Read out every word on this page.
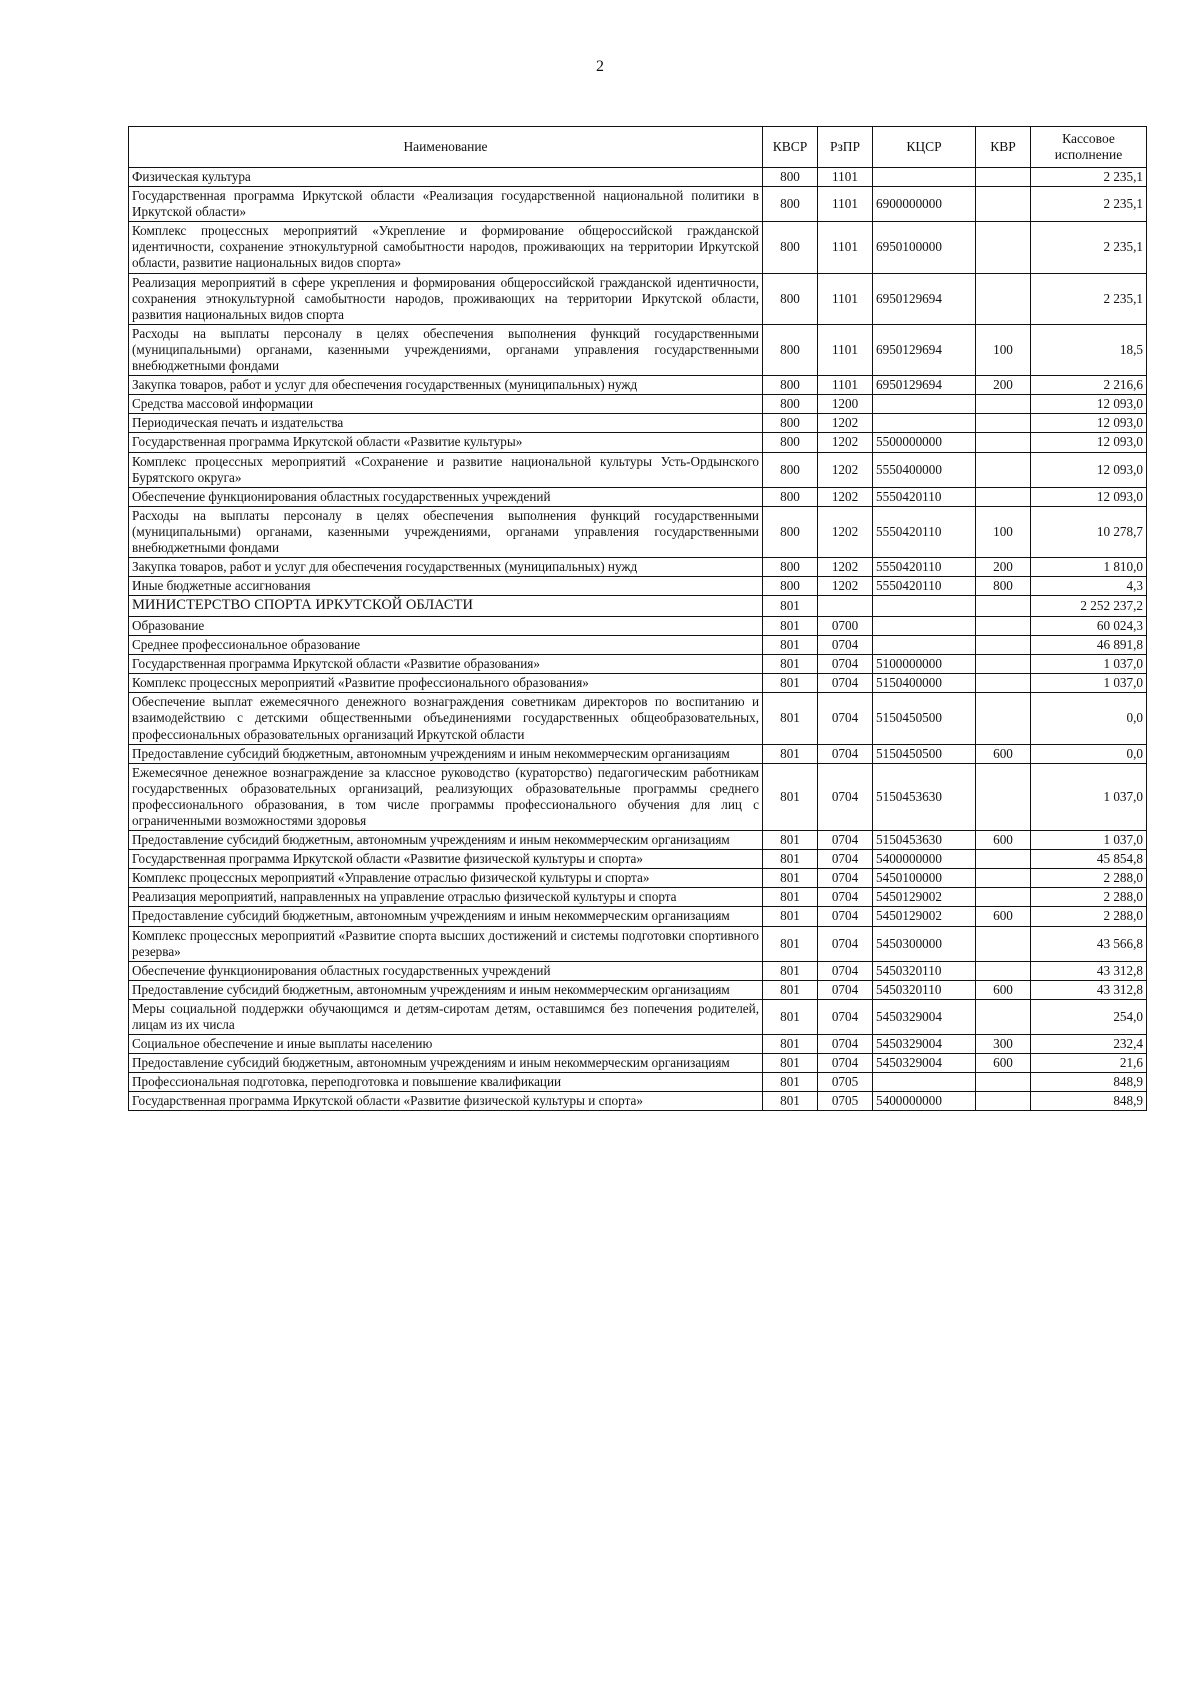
2
Наименование	КВСР	РзПР	КЦСР	КВР	Кассовое исполнение
Физическая культура	800	1101			2 235,1
Государственная программа Иркутской области «Реализация государственной национальной политики в Иркутской области»	800	1101	6900000000		2 235,1
Комплекс процессных мероприятий «Укрепление и формирование общероссийской гражданской идентичности, сохранение этнокультурной самобытности народов, проживающих на территории Иркутской области, развитие национальных видов спорта»	800	1101	6950100000		2 235,1
Реализация мероприятий в сфере укрепления и формирования общероссийской гражданской идентичности, сохранения этнокультурной самобытности народов, проживающих на территории Иркутской области, развития национальных видов спорта	800	1101	6950129694		2 235,1
Расходы на выплаты персоналу в целях обеспечения выполнения функций государственными (муниципальными) органами, казенными учреждениями, органами управления государственными внебюджетными фондами	800	1101	6950129694	100	18,5
Закупка товаров, работ и услуг для обеспечения государственных (муниципальных) нужд	800	1101	6950129694	200	2 216,6
Средства массовой информации	800	1200			12 093,0
Периодическая печать и издательства	800	1202			12 093,0
Государственная программа Иркутской области «Развитие культуры»	800	1202	5500000000		12 093,0
Комплекс процессных мероприятий «Сохранение и развитие национальной культуры Усть-Ордынского Бурятского округа»	800	1202	5550400000		12 093,0
Обеспечение функционирования областных государственных учреждений	800	1202	5550420110		12 093,0
Расходы на выплаты персоналу в целях обеспечения выполнения функций государственными (муниципальными) органами, казенными учреждениями, органами управления государственными внебюджетными фондами	800	1202	5550420110	100	10 278,7
Закупка товаров, работ и услуг для обеспечения государственных (муниципальных) нужд	800	1202	5550420110	200	1 810,0
Иные бюджетные ассигнования	800	1202	5550420110	800	4,3
МИНИСТЕРСТВО СПОРТА ИРКУТСКОЙ ОБЛАСТИ	801				2 252 237,2
Образование	801	0700			60 024,3
Среднее профессиональное образование	801	0704			46 891,8
Государственная программа Иркутской области «Развитие образования»	801	0704	5100000000		1 037,0
Комплекс процессных мероприятий «Развитие профессионального образования»	801	0704	5150400000		1 037,0
Обеспечение выплат ежемесячного денежного вознаграждения советникам директоров по воспитанию и взаимодействию с детскими общественными объединениями государственных общеобразовательных, профессиональных образовательных организаций Иркутской области	801	0704	5150450500		0,0
Предоставление субсидий бюджетным, автономным учреждениям и иным некоммерческим организациям	801	0704	5150450500	600	0,0
Ежемесячное денежное вознаграждение за классное руководство (кураторство) педагогическим работникам государственных образовательных организаций, реализующих образовательные программы среднего профессионального образования, в том числе программы профессионального обучения для лиц с ограниченными возможностями здоровья	801	0704	5150453630		1 037,0
Предоставление субсидий бюджетным, автономным учреждениям и иным некоммерческим организациям	801	0704	5150453630	600	1 037,0
Государственная программа Иркутской области «Развитие физической культуры и спорта»	801	0704	5400000000		45 854,8
Комплекс процессных мероприятий «Управление отраслью физической культуры и спорта»	801	0704	5450100000		2 288,0
Реализация мероприятий, направленных на управление отраслью физической культуры и спорта	801	0704	5450129002		2 288,0
Предоставление субсидий бюджетным, автономным учреждениям и иным некоммерческим организациям	801	0704	5450129002	600	2 288,0
Комплекс процессных мероприятий «Развитие спорта высших достижений и системы подготовки спортивного резерва»	801	0704	5450300000		43 566,8
Обеспечение функционирования областных государственных учреждений	801	0704	5450320110		43 312,8
Предоставление субсидий бюджетным, автономным учреждениям и иным некоммерческим организациям	801	0704	5450320110	600	43 312,8
Меры социальной поддержки обучающимся и детям-сиротам детям, оставшимся без попечения родителей, лицам из их числа	801	0704	5450329004		254,0
Социальное обеспечение и иные выплаты населению	801	0704	5450329004	300	232,4
Предоставление субсидий бюджетным, автономным учреждениям и иным некоммерческим организациям	801	0704	5450329004	600	21,6
Профессиональная подготовка, переподготовка и повышение квалификации	801	0705			848,9
Государственная программа Иркутской области «Развитие физической культуры и спорта»	801	0705	5400000000		848,9
